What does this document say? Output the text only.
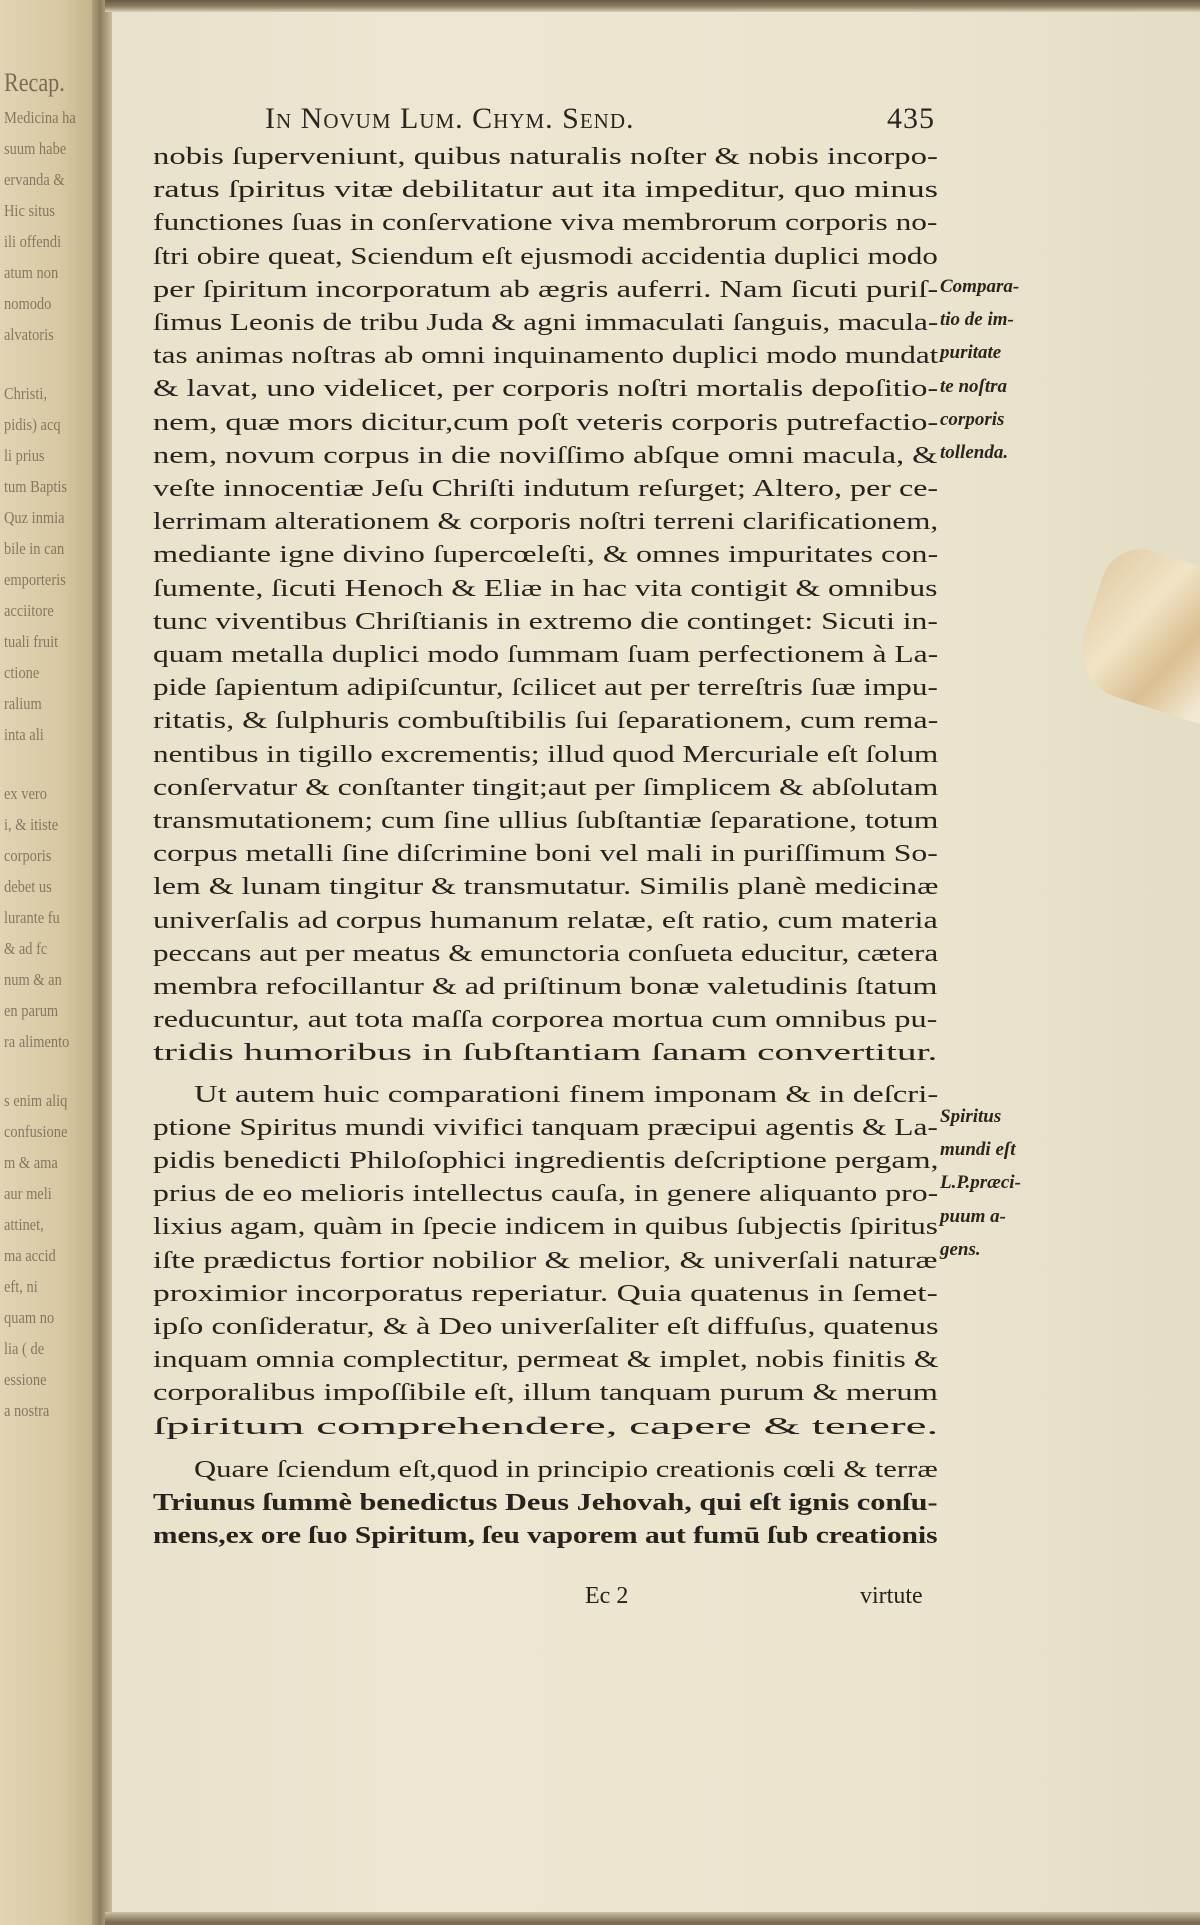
Recap.
Medicina ha
suum habe
ervanda &
Hic situs
ili offendi
atum non
nomodo
alvatoris
Christi,
pidis) acq
li prius
tum Baptis
Quz inmia
bile in can
emporteris
acciitore
tuali fruit
ctione
ralium
inta ali
ex vero
i, & itiste
corporis
debet us
lurante fu
& ad fc
num & an
en parum
ra alimento
s enim aliq
confusione
m & ama
aur meli
attinet,
ma accid
eft, ni
quam no
lia ( de
essione
a nostra
In Novum Lum. Chym. Send.	435
nobis ſuperveniunt, quibus naturalis noſter & nobis incorpo-
ratus ſpiritus vitæ debilitatur aut ita impeditur, quo minus
functiones ſuas in conſervatione viva membrorum corporis no-
ſtri obire queat, Sciendum eſt ejusmodi accidentia duplici modo
per ſpiritum incorporatum ab ægris auferri. Nam ſicuti puriſ-
ſimus Leonis de tribu Juda & agni immaculati ſanguis, macula-
tas animas noſtras ab omni inquinamento duplici modo mundat
& lavat, uno videlicet, per corporis noſtri mortalis depoſitio-
nem, quæ mors dicitur,cum poſt veteris corporis putrefactio-
nem, novum corpus in die noviſſimo abſque omni macula, &
veſte innocentiæ Jeſu Chriſti indutum reſurget; Altero, per ce-
lerrimam alterationem & corporis noſtri terreni clarificationem,
mediante igne divino ſupercœleſti, & omnes impuritates con-
ſumente, ſicuti Henoch & Eliæ in hac vita contigit & omnibus
tunc viventibus Chriſtianis in extremo die continget: Sicuti in-
quam metalla duplici modo ſummam ſuam perfectionem à La-
pide ſapientum adipiſcuntur, ſcilicet aut per terreſtris ſuæ impu-
ritatis, & ſulphuris combuſtibilis ſui ſeparationem, cum rema-
nentibus in tigillo excrementis; illud quod Mercuriale eſt ſolum
conſervatur & conſtanter tingit;aut per ſimplicem & abſolutam
transmutationem; cum ſine ullius ſubſtantiæ ſeparatione, totum
corpus metalli ſine diſcrimine boni vel mali in puriſſimum So-
lem & lunam tingitur & transmutatur. Similis planè medicinæ
univerſalis ad corpus humanum relatæ, eſt ratio, cum materia
peccans aut per meatus & emunctoria conſueta educitur, cætera
membra refocillantur & ad priſtinum bonæ valetudinis ſtatum
reducuntur, aut tota maſſa corporea mortua cum omnibus pu-
tridis humoribus in ſubſtantiam ſanam convertitur.
Ut autem huic comparationi finem imponam & in deſcri-
ptione Spiritus mundi vivifici tanquam præcipui agentis & La-
pidis benedicti Philoſophici ingredientis deſcriptione pergam,
prius de eo melioris intellectus cauſa, in genere aliquanto pro-
lixius agam, quàm in ſpecie indicem in quibus ſubjectis ſpiritus
iſte prædictus fortior nobilior & melior, & univerſali naturæ
proximior incorporatus reperiatur. Quia quatenus in ſemet-
ipſo conſideratur, & à Deo univerſaliter eſt diffuſus, quatenus
inquam omnia complectitur, permeat & implet, nobis finitis &
corporalibus impoſſibile eſt, illum tanquam purum & merum
ſpiritum comprehendere, capere & tenere.
Quare ſciendum eſt,quod in principio creationis cœli & terræ
Triunus ſummè benedictus Deus Jehovah, qui eſt ignis conſu-
mens,ex ore ſuo Spiritum, ſeu vaporem aut fumū ſub creationis
Compara-
tio de im-
puritate
te noſtra
corporis
tollenda.
Spiritus
mundi eſt
L.P.præci-
puum a-
gens.
Ec 2	virtute
